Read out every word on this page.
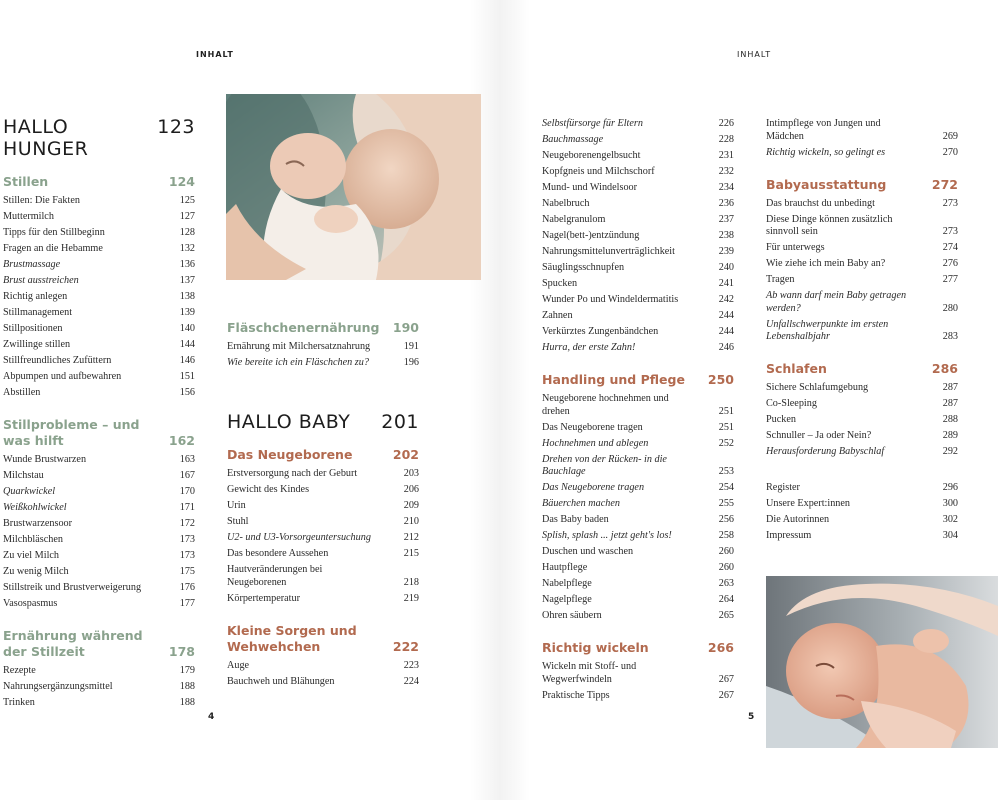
INHALT	INHALT
4	5
HALLO HUNGER
123
Stillen	124
Stillen: Die Fakten	125
Muttermilch	127
Tipps für den Stillbeginn	128
Fragen an die Hebamme	132
Brustmassage	136
Brust ausstreichen	137
Richtig anlegen	138
Stillmanagement	139
Stillpositionen	140
Zwillinge stillen	144
Stillfreundliches Zufüttern	146
Abpumpen und aufbewahren	151
Abstillen	156
Stillprobleme – und was hilft	162
Wunde Brustwarzen	163
Milchstau	167
Quarkwickel	170
Weißkohlwickel	171
Brustwarzensoor	172
Milchbläschen	173
Zu viel Milch	173
Zu wenig Milch	175
Stillstreik und Brustverweigerung	176
Vasospasmus	177
Ernährung während der Stillzeit	178
Rezepte	179
Nahrungsergänzungsmittel	188
Trinken	188
Fläschchenernährung 190
Ernährung mit Milchersatznahrung	191
Wie bereite ich ein Fläschchen zu?	196
HALLO BABY 201
Das Neugeborene	202
Erstversorgung nach der Geburt	203
Gewicht des Kindes	206
Urin	209
Stuhl	210
U2- und U3-Vorsorgeuntersuchung	212
Das besondere Aussehen	215
Hautveränderungen bei Neugeborenen	218
Körpertemperatur	219
Kleine Sorgen und Wehwehchen	222
Auge	223
Bauchweh und Blähungen	224
Selbstfürsorge für Eltern	226
Bauchmassage	228
Neugeborenengelbsucht	231
Kopfgneis und Milchschorf	232
Mund- und Windelsoor	234
Nabelbruch	236
Nabelgranulom	237
Nagel(bett-)entzündung	238
Nahrungsmittelunverträglichkeit	239
Säuglingsschnupfen	240
Spucken	241
Wunder Po und Windeldermatitis	242
Zahnen	244
Verkürztes Zungenbändchen	244
Hurra, der erste Zahn!	246
Handling und Pflege 250
Neugeborene hochnehmen und drehen	251
Das Neugeborene tragen	251
Hochnehmen und ablegen	252
Drehen von der Rücken- in die Bauchlage	253
Das Neugeborene tragen	254
Bäuerchen machen	255
Das Baby baden	256
Splish, splash ... jetzt geht's los!	258
Duschen und waschen	260
Hautpflege	260
Nabelpflege	263
Nagelpflege	264
Ohren säubern	265
Richtig wickeln	266
Wickeln mit Stoff- und Wegwerfwindeln	267
Praktische Tipps	267
Intimpflege von Jungen und Mädchen	269
Richtig wickeln, so gelingt es	270
Babyausstattung	272
Das brauchst du unbedingt	273
Diese Dinge können zusätzlich sinnvoll sein	273
Für unterwegs	274
Wie ziehe ich mein Baby an?	276
Tragen	277
Ab wann darf mein Baby getragen werden?	280
Unfallschwerpunkte im ersten Lebenshalbjahr	283
Schlafen	286
Sichere Schlafumgebung	287
Co-Sleeping	287
Pucken	288
Schnuller – Ja oder Nein?	289
Herausforderung Babyschlaf	292
Register	296
Unsere Expert:innen	300
Die Autorinnen	302
Impressum	304
